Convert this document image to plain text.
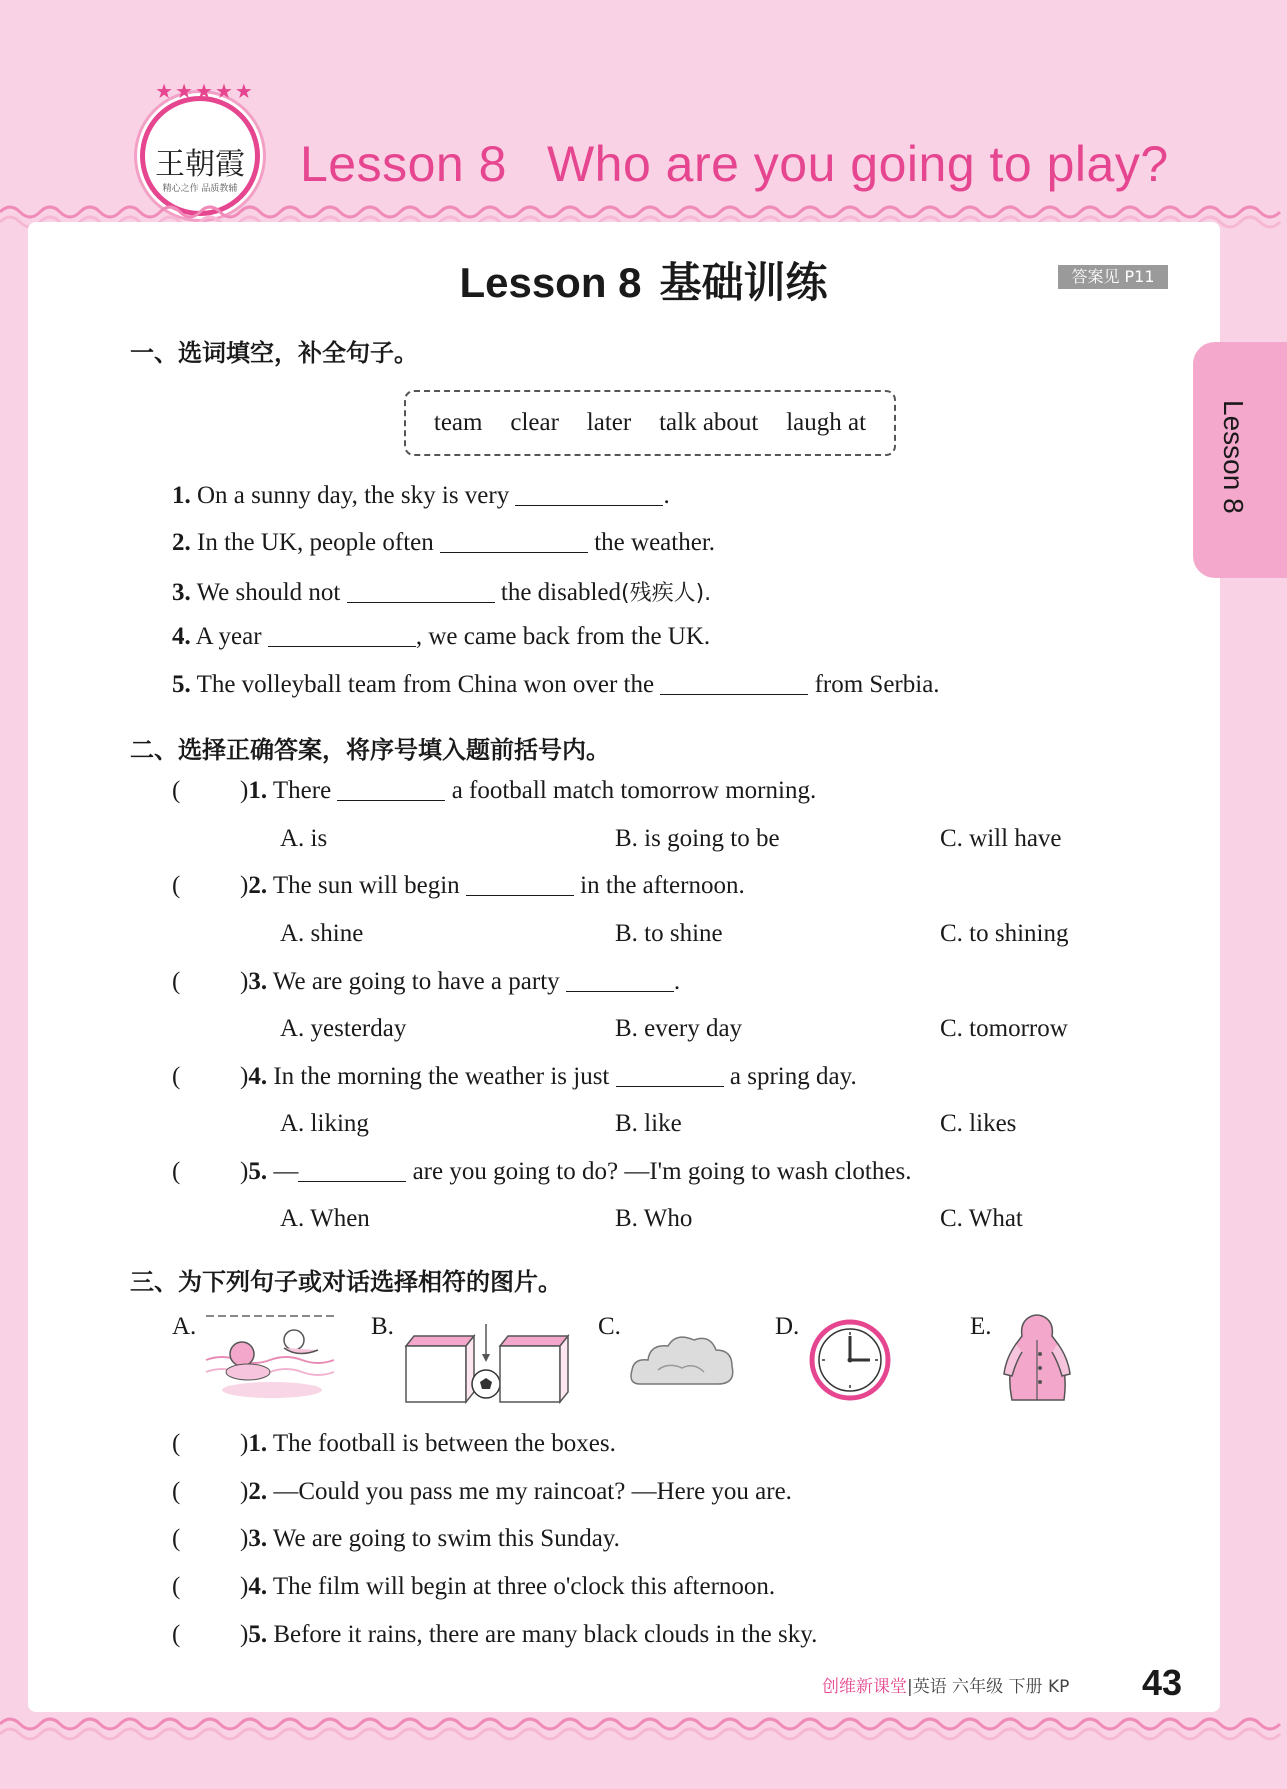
★★★★★
王朝霞
精心之作 品质教辅	Lesson 8 Who are you going to play?
Lesson 8
Lesson 8 基础训练	答案见 P11
一、选词填空，补全句子。
team clear later talk about laugh at
1. On a sunny day, the sky is very	.
2. In the UK, people often	the weather.
3. We should not	the disabled(残疾人).
4. A year	, we came back from the UK.
5. The volleyball team from China won over the	from Serbia.
二、选择正确答案，将序号填入题前括号内。
( )1. There	a football match tomorrow morning.
A. is	B. is going to be	C. will have
( )2. The sun will begin	in the afternoon.
A. shine	B. to shine	C. to shining
( )3. We are going to have a party	.
A. yesterday	B. every day	C. tomorrow
( )4. In the morning the weather is just	a spring day.
A. liking	B. like	C. likes
( )5. —	are you going to do? —I'm going to wash clothes.
A. When	B. Who	C. What
三、为下列句子或对话选择相符的图片。
A.	B.	C.	D.	E.
( )1. The football is between the boxes.
( )2. —Could you pass me my raincoat? —Here you are.
( )3. We are going to swim this Sunday.
( )4. The film will begin at three o'clock this afternoon.
( )5. Before it rains, there are many black clouds in the sky.
创维新课堂|英语 六年级 下册 KP 43
